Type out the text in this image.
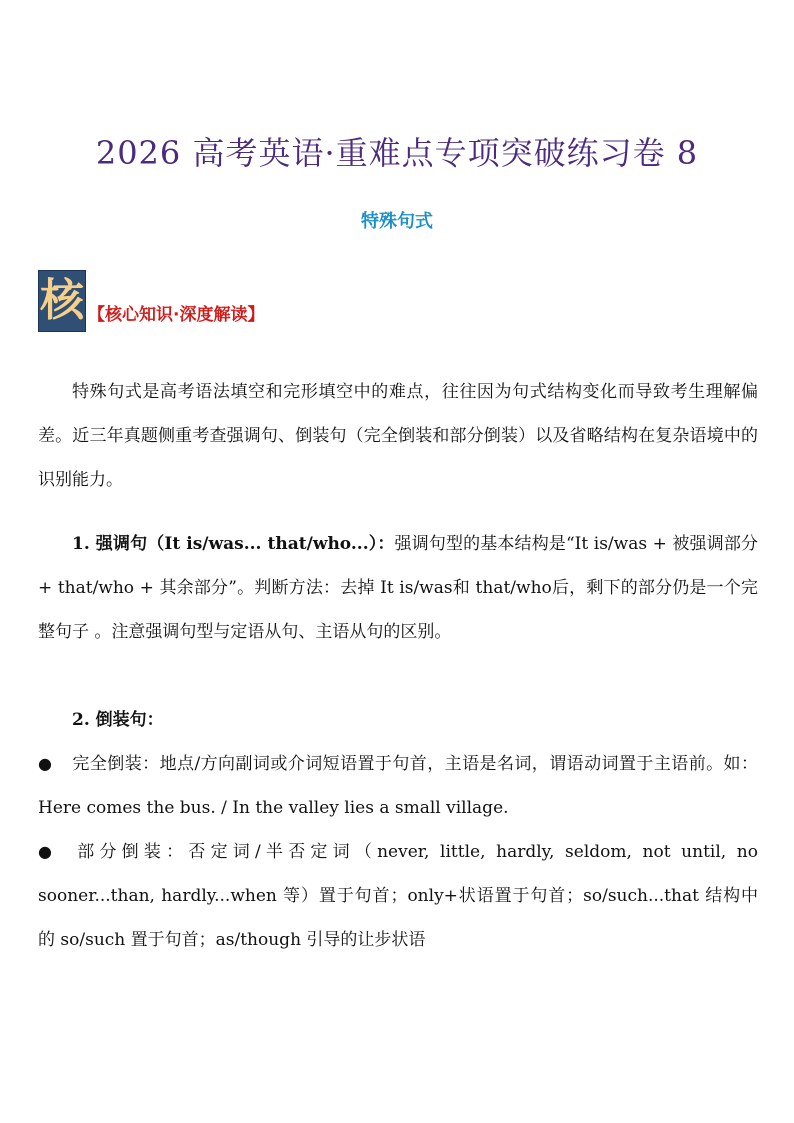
2026 高考英语·重难点专项突破练习卷 8
特殊句式
核 【核心知识·深度解读】
特殊句式是高考语法填空和完形填空中的难点，往往因为句式结构变化而导致考生理解偏差。近三年真题侧重考查强调句、倒装句（完全倒装和部分倒装）以及省略结构在复杂语境中的识别能力。
1. 强调句（It is/was... that/who...）：强调句型的基本结构是“It is/was + 被强调部分 + that/who + 其余部分”。判断方法：去掉 It is/was和 that/who后，剩下的部分仍是一个完整句子 。注意强调句型与定语从句、主语从句的区别。
2. 倒装句：
● 完全倒装：地点/方向副词或介词短语置于句首，主语是名词，谓语动词置于主语前。如：Here comes the bus. / In the valley lies a small village.
● 部分倒装：否定词/半否定词（never, little, hardly, seldom, not until, no sooner...than, hardly...when 等）置于句首；only+状语置于句首；so/such...that 结构中的 so/such 置于句首；as/though 引导的让步状语
